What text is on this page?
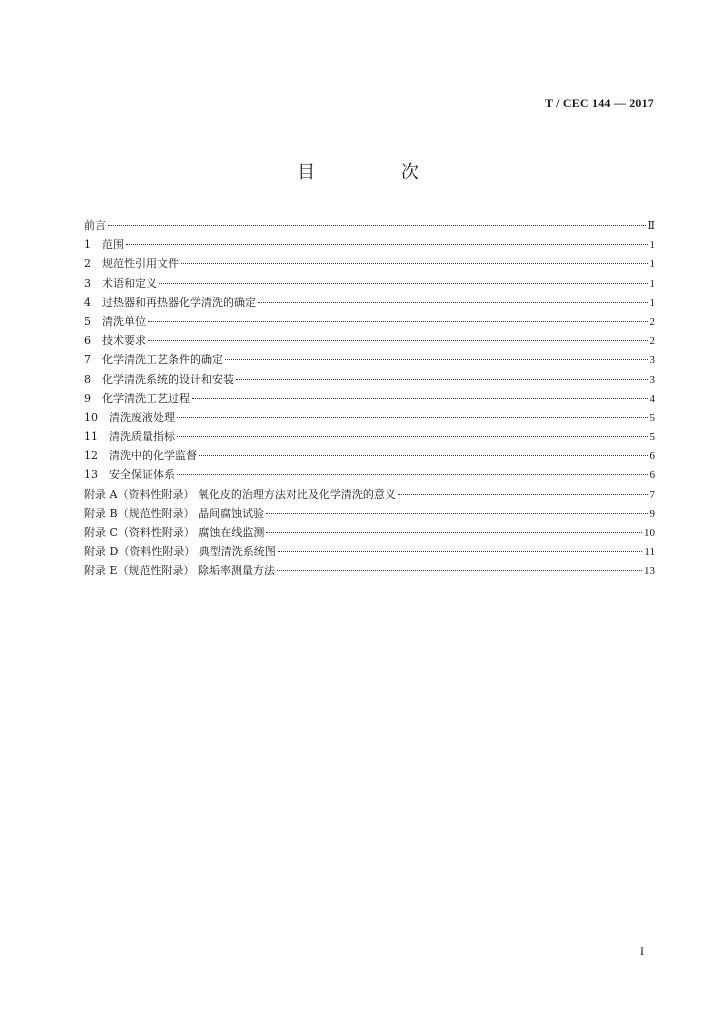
T / CEC 144 — 2017
目 次
前言	Ⅱ
1	范围	1
2	规范性引用文件	1
3	术语和定义	1
4	过热器和再热器化学清洗的确定	1
5	清洗单位	2
6	技术要求	2
7	化学清洗工艺条件的确定	3
8	化学清洗系统的设计和安装	3
9	化学清洗工艺过程	4
10	清洗废液处理	5
11	清洗质量指标	5
12	清洗中的化学监督	6
13	安全保证体系	6
附录 A（资料性附录） 氧化皮的治理方法对比及化学清洗的意义	7
附录 B（规范性附录） 晶间腐蚀试验	9
附录 C（资料性附录） 腐蚀在线监测	10
附录 D（资料性附录） 典型清洗系统图	11
附录 E（规范性附录） 除垢率测量方法	13
I
